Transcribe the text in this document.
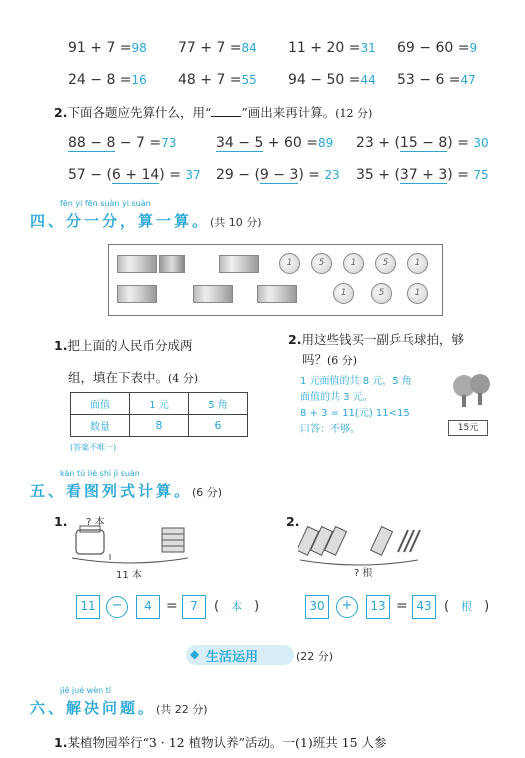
91 + 7 =98 77 + 7 =84 11 + 20 =31 69 − 60 =9
24 − 8 =16 48 + 7 =55 94 − 50 =44 53 − 6 =47
2.下面各题应先算什么，用“ ”画出来再计算。(12 分)
88 − 8 − 7 =73	34 − 5 + 60 =89 23 + (15 − 8) = 30
57 − (6 + 14) = 37 29 − (9 − 3) = 23 35 + (37 + 3) = 75
fēn yi fēn suàn yi suàn
四、分一分，算一算。(共 10 分)
1	5	1	5	1
1	5	1
1.把上面的人民币分成两
组，填在下表中。(4 分)
面值	1 元	5 角
数量	8	6
(答案不唯一)
2.用这些钱买一副乒乓球拍，够
吗？(6 分)
1 元面值的共 8 元，5 角
面值的共 3 元。
8 + 3 = 11(元) 11<15
口答：不够。	15元
kàn tú liè shì jì suàn
五、看图列式计算。(6 分)
1. ? 本
11 本
11	−	4	=	7	( 本 )
2.
? 根
30	+	13 = 43 ( 根 )
◆ 生活运用	(22 分)
jiě jué wèn tí
六、解决问题。(共 22 分)
1.某植物园举行“3 · 12 植物认养”活动。一(1)班共 15 人参
